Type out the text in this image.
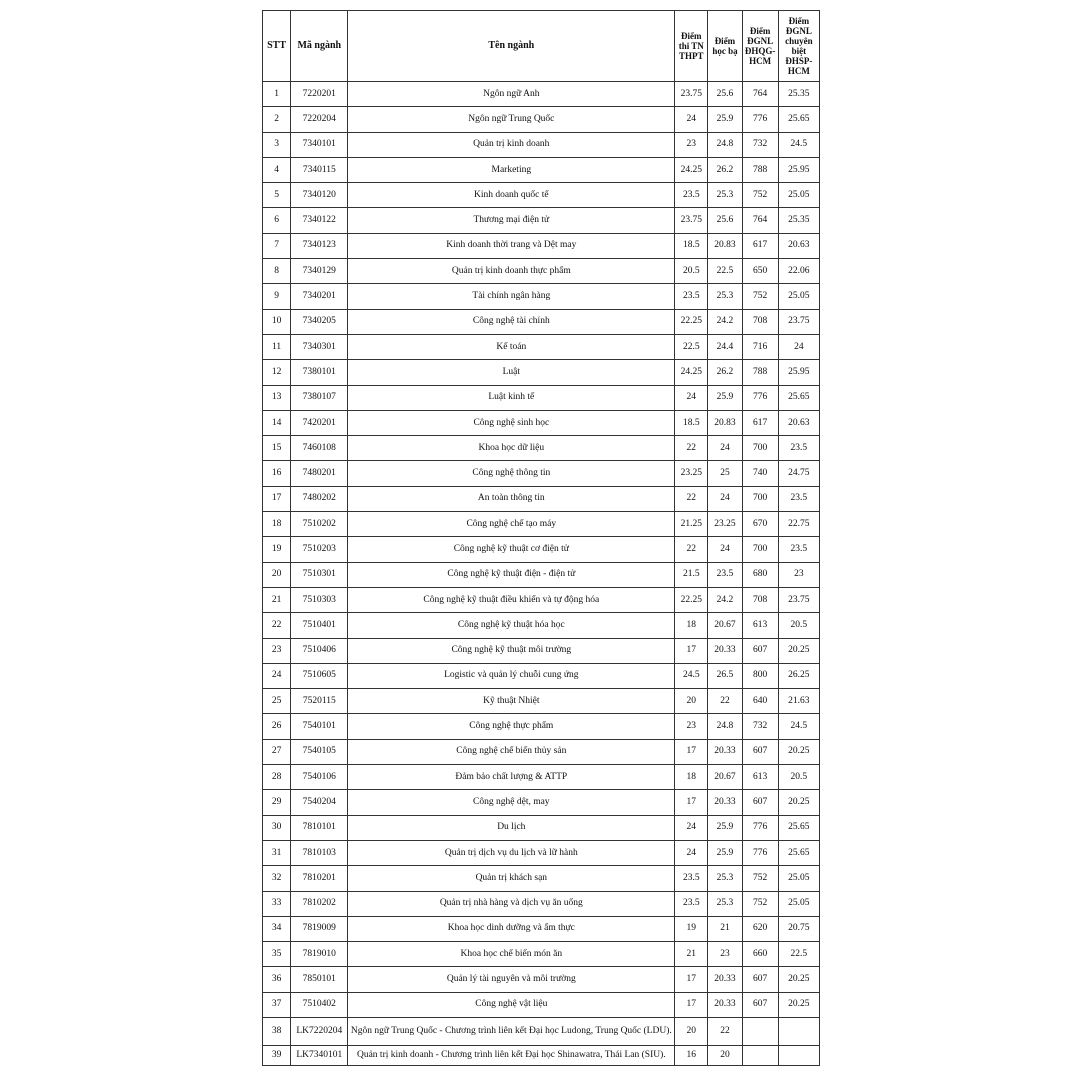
STT	Mã ngành	Tên ngành	Điểm thi TN THPT	Điểm học bạ	Điểm ĐGNL ĐHQG-HCM	Điểm ĐGNL chuyên biệt ĐHSP-HCM
1	7220201	Ngôn ngữ Anh	23.75	25.6	764	25.35
2	7220204	Ngôn ngữ Trung Quốc	24	25.9	776	25.65
3	7340101	Quản trị kinh doanh	23	24.8	732	24.5
4	7340115	Marketing	24.25	26.2	788	25.95
5	7340120	Kinh doanh quốc tế	23.5	25.3	752	25.05
6	7340122	Thương mại điện tử	23.75	25.6	764	25.35
7	7340123	Kinh doanh thời trang và Dệt may	18.5	20.83	617	20.63
8	7340129	Quản trị kinh doanh thực phẩm	20.5	22.5	650	22.06
9	7340201	Tài chính ngân hàng	23.5	25.3	752	25.05
10	7340205	Công nghệ tài chính	22.25	24.2	708	23.75
11	7340301	Kế toán	22.5	24.4	716	24
12	7380101	Luật	24.25	26.2	788	25.95
13	7380107	Luật kinh tế	24	25.9	776	25.65
14	7420201	Công nghệ sinh học	18.5	20.83	617	20.63
15	7460108	Khoa học dữ liệu	22	24	700	23.5
16	7480201	Công nghệ thông tin	23.25	25	740	24.75
17	7480202	An toàn thông tin	22	24	700	23.5
18	7510202	Công nghệ chế tạo máy	21.25	23.25	670	22.75
19	7510203	Công nghệ kỹ thuật cơ điện tử	22	24	700	23.5
20	7510301	Công nghệ kỹ thuật điện - điện tử	21.5	23.5	680	23
21	7510303	Công nghệ kỹ thuật điều khiển và tự động hóa	22.25	24.2	708	23.75
22	7510401	Công nghệ kỹ thuật hóa học	18	20.67	613	20.5
23	7510406	Công nghệ kỹ thuật môi trường	17	20.33	607	20.25
24	7510605	Logistic và quản lý chuỗi cung ứng	24.5	26.5	800	26.25
25	7520115	Kỹ thuật Nhiệt	20	22	640	21.63
26	7540101	Công nghệ thực phẩm	23	24.8	732	24.5
27	7540105	Công nghệ chế biến thủy sản	17	20.33	607	20.25
28	7540106	Đảm bảo chất lượng & ATTP	18	20.67	613	20.5
29	7540204	Công nghệ dệt, may	17	20.33	607	20.25
30	7810101	Du lịch	24	25.9	776	25.65
31	7810103	Quản trị dịch vụ du lịch và lữ hành	24	25.9	776	25.65
32	7810201	Quản trị khách sạn	23.5	25.3	752	25.05
33	7810202	Quản trị nhà hàng và dịch vụ ăn uống	23.5	25.3	752	25.05
34	7819009	Khoa học dinh dưỡng và ẩm thực	19	21	620	20.75
35	7819010	Khoa học chế biến món ăn	21	23	660	22.5
36	7850101	Quản lý tài nguyên và môi trường	17	20.33	607	20.25
37	7510402	Công nghệ vật liệu	17	20.33	607	20.25
38	LK7220204	Ngôn ngữ Trung Quốc - Chương trình liên kết Đại học Ludong, Trung Quốc (LDU).	20	22		
39	LK7340101	Quản trị kinh doanh - Chương trình liên kết Đại học Shinawatra, Thái Lan (SIU).	16	20		
